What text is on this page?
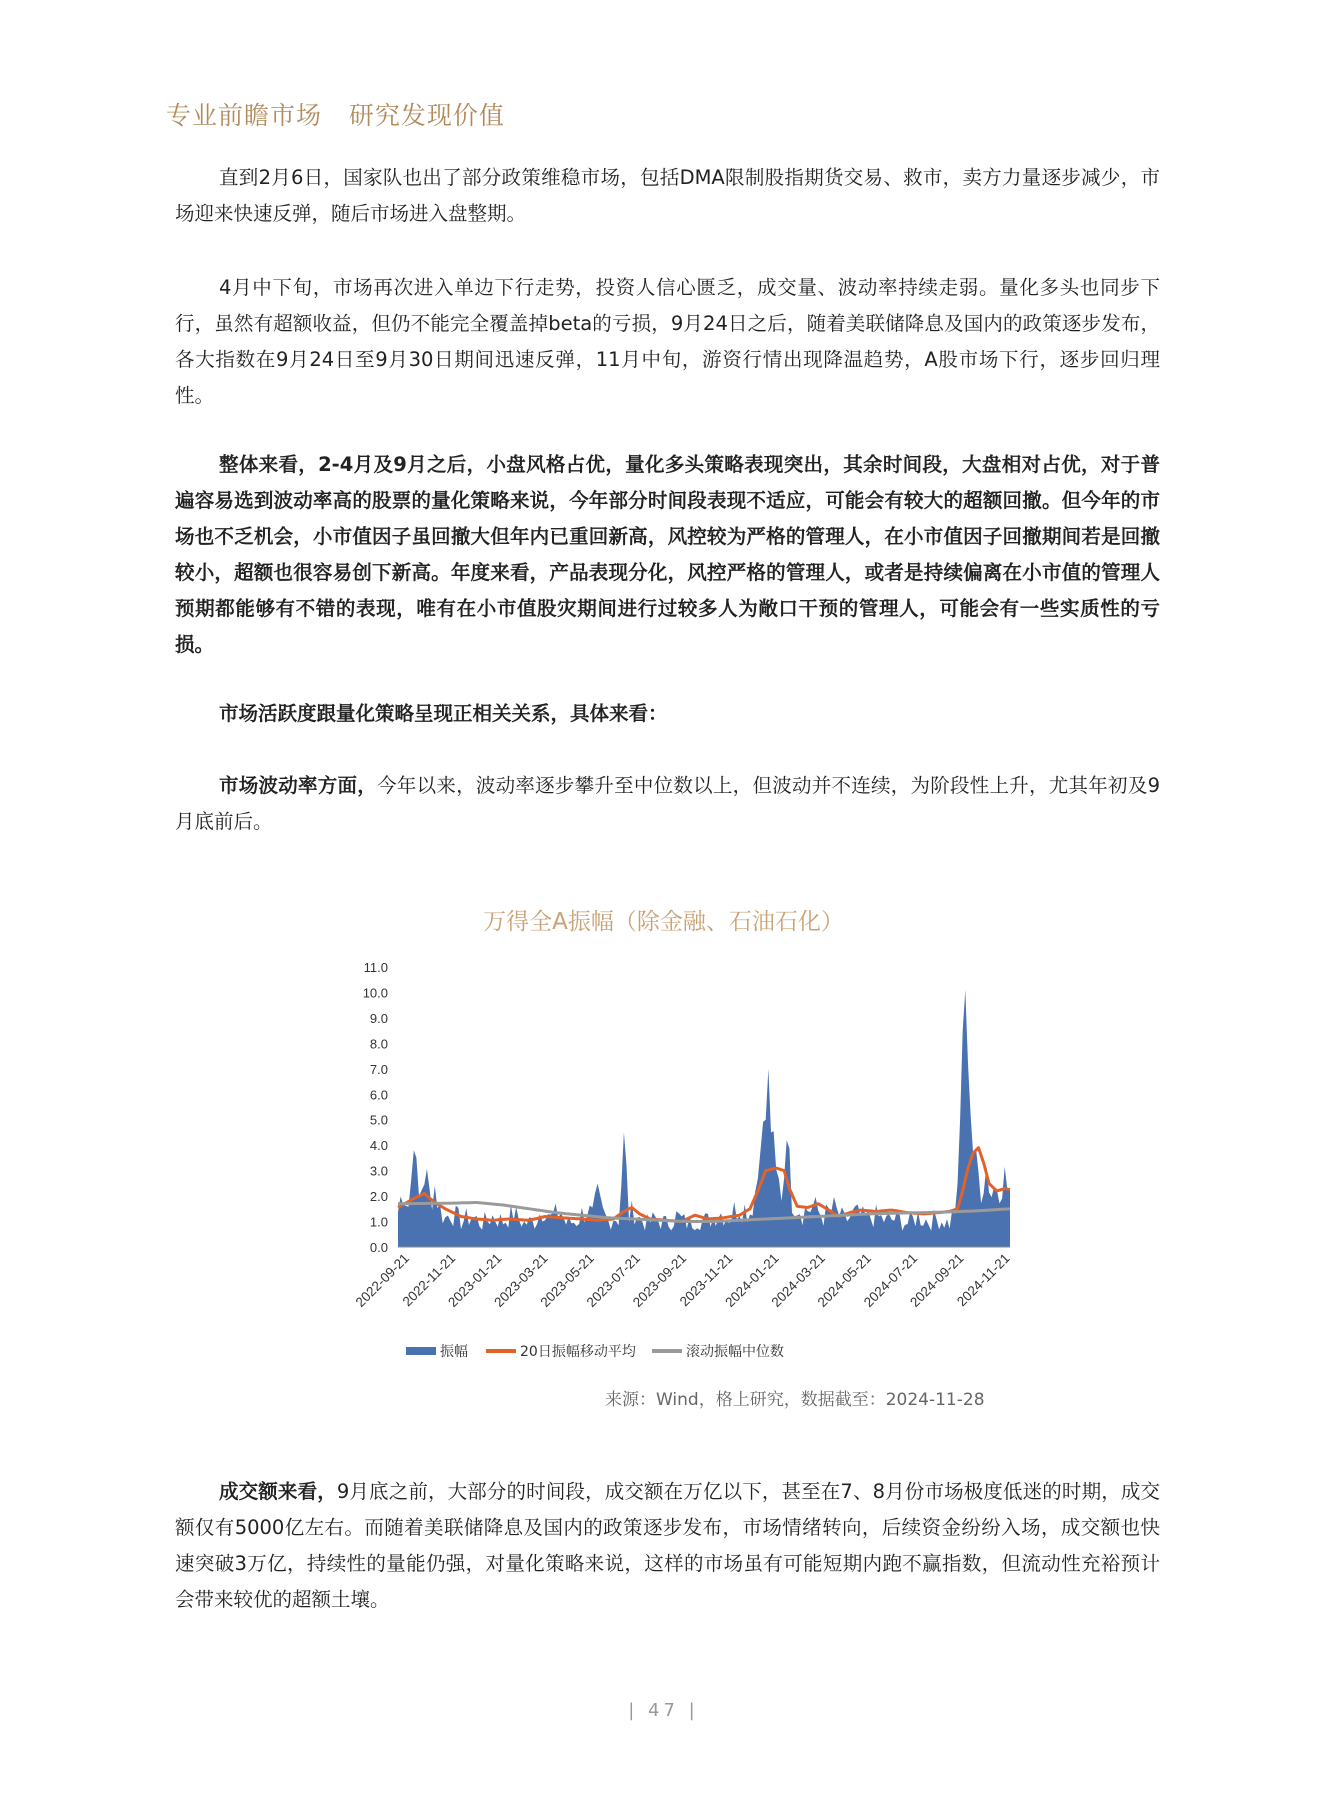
专业前瞻市场   研究发现价值

直到2月6日，国家队也出了部分政策维稳市场，包括DMA限制股指期货交易、救市，卖方力量逐步减少，市场迎来快速反弹，随后市场进入盘整期。

4月中下旬，市场再次进入单边下行走势，投资人信心匮乏，成交量、波动率持续走弱。量化多头也同步下行，虽然有超额收益，但仍不能完全覆盖掉beta的亏损，9月24日之后，随着美联储降息及国内的政策逐步发布，各大指数在9月24日至9月30日期间迅速反弹，11月中旬，游资行情出现降温趋势，A股市场下行，逐步回归理性。

整体来看，2-4月及9月之后，小盘风格占优，量化多头策略表现突出，其余时间段，大盘相对占优，对于普遍容易选到波动率高的股票的量化策略来说，今年部分时间段表现不适应，可能会有较大的超额回撤。但今年的市场也不乏机会，小市值因子虽回撤大但年内已重回新高，风控较为严格的管理人，在小市值因子回撤期间若是回撤较小，超额也很容易创下新高。年度来看，产品表现分化，风控严格的管理人，或者是持续偏离在小市值的管理人预期都能够有不错的表现，唯有在小市值股灾期间进行过较多人为敞口干预的管理人，可能会有一些实质性的亏损。

市场活跃度跟量化策略呈现正相关关系，具体来看：

市场波动率方面，今年以来，波动率逐步攀升至中位数以上，但波动并不连续，为阶段性上升，尤其年初及9月底前后。

万得全A振幅（除金融、石油石化）
0.0
1.0
2.0
3.0
4.0
5.0
6.0
7.0
8.0
9.0
10.0
11.0
2022-09-21
2022-11-21
2023-01-21
2023-03-21
2023-05-21
2023-07-21
2023-09-21
2023-11-21
2024-01-21
2024-03-21
2024-05-21
2024-07-21
2024-09-21
2024-11-21
振幅	20日振幅移动平均	滚动振幅中位数
来源：Wind，格上研究，数据截至：2024-11-28

成交额来看，9月底之前，大部分的时间段，成交额在万亿以下，甚至在7、8月份市场极度低迷的时期，成交额仅有5000亿左右。而随着美联储降息及国内的政策逐步发布，市场情绪转向，后续资金纷纷入场，成交额也快速突破3万亿，持续性的量能仍强，对量化策略来说，这样的市场虽有可能短期内跑不赢指数，但流动性充裕预计会带来较优的超额土壤。

| 47 |
